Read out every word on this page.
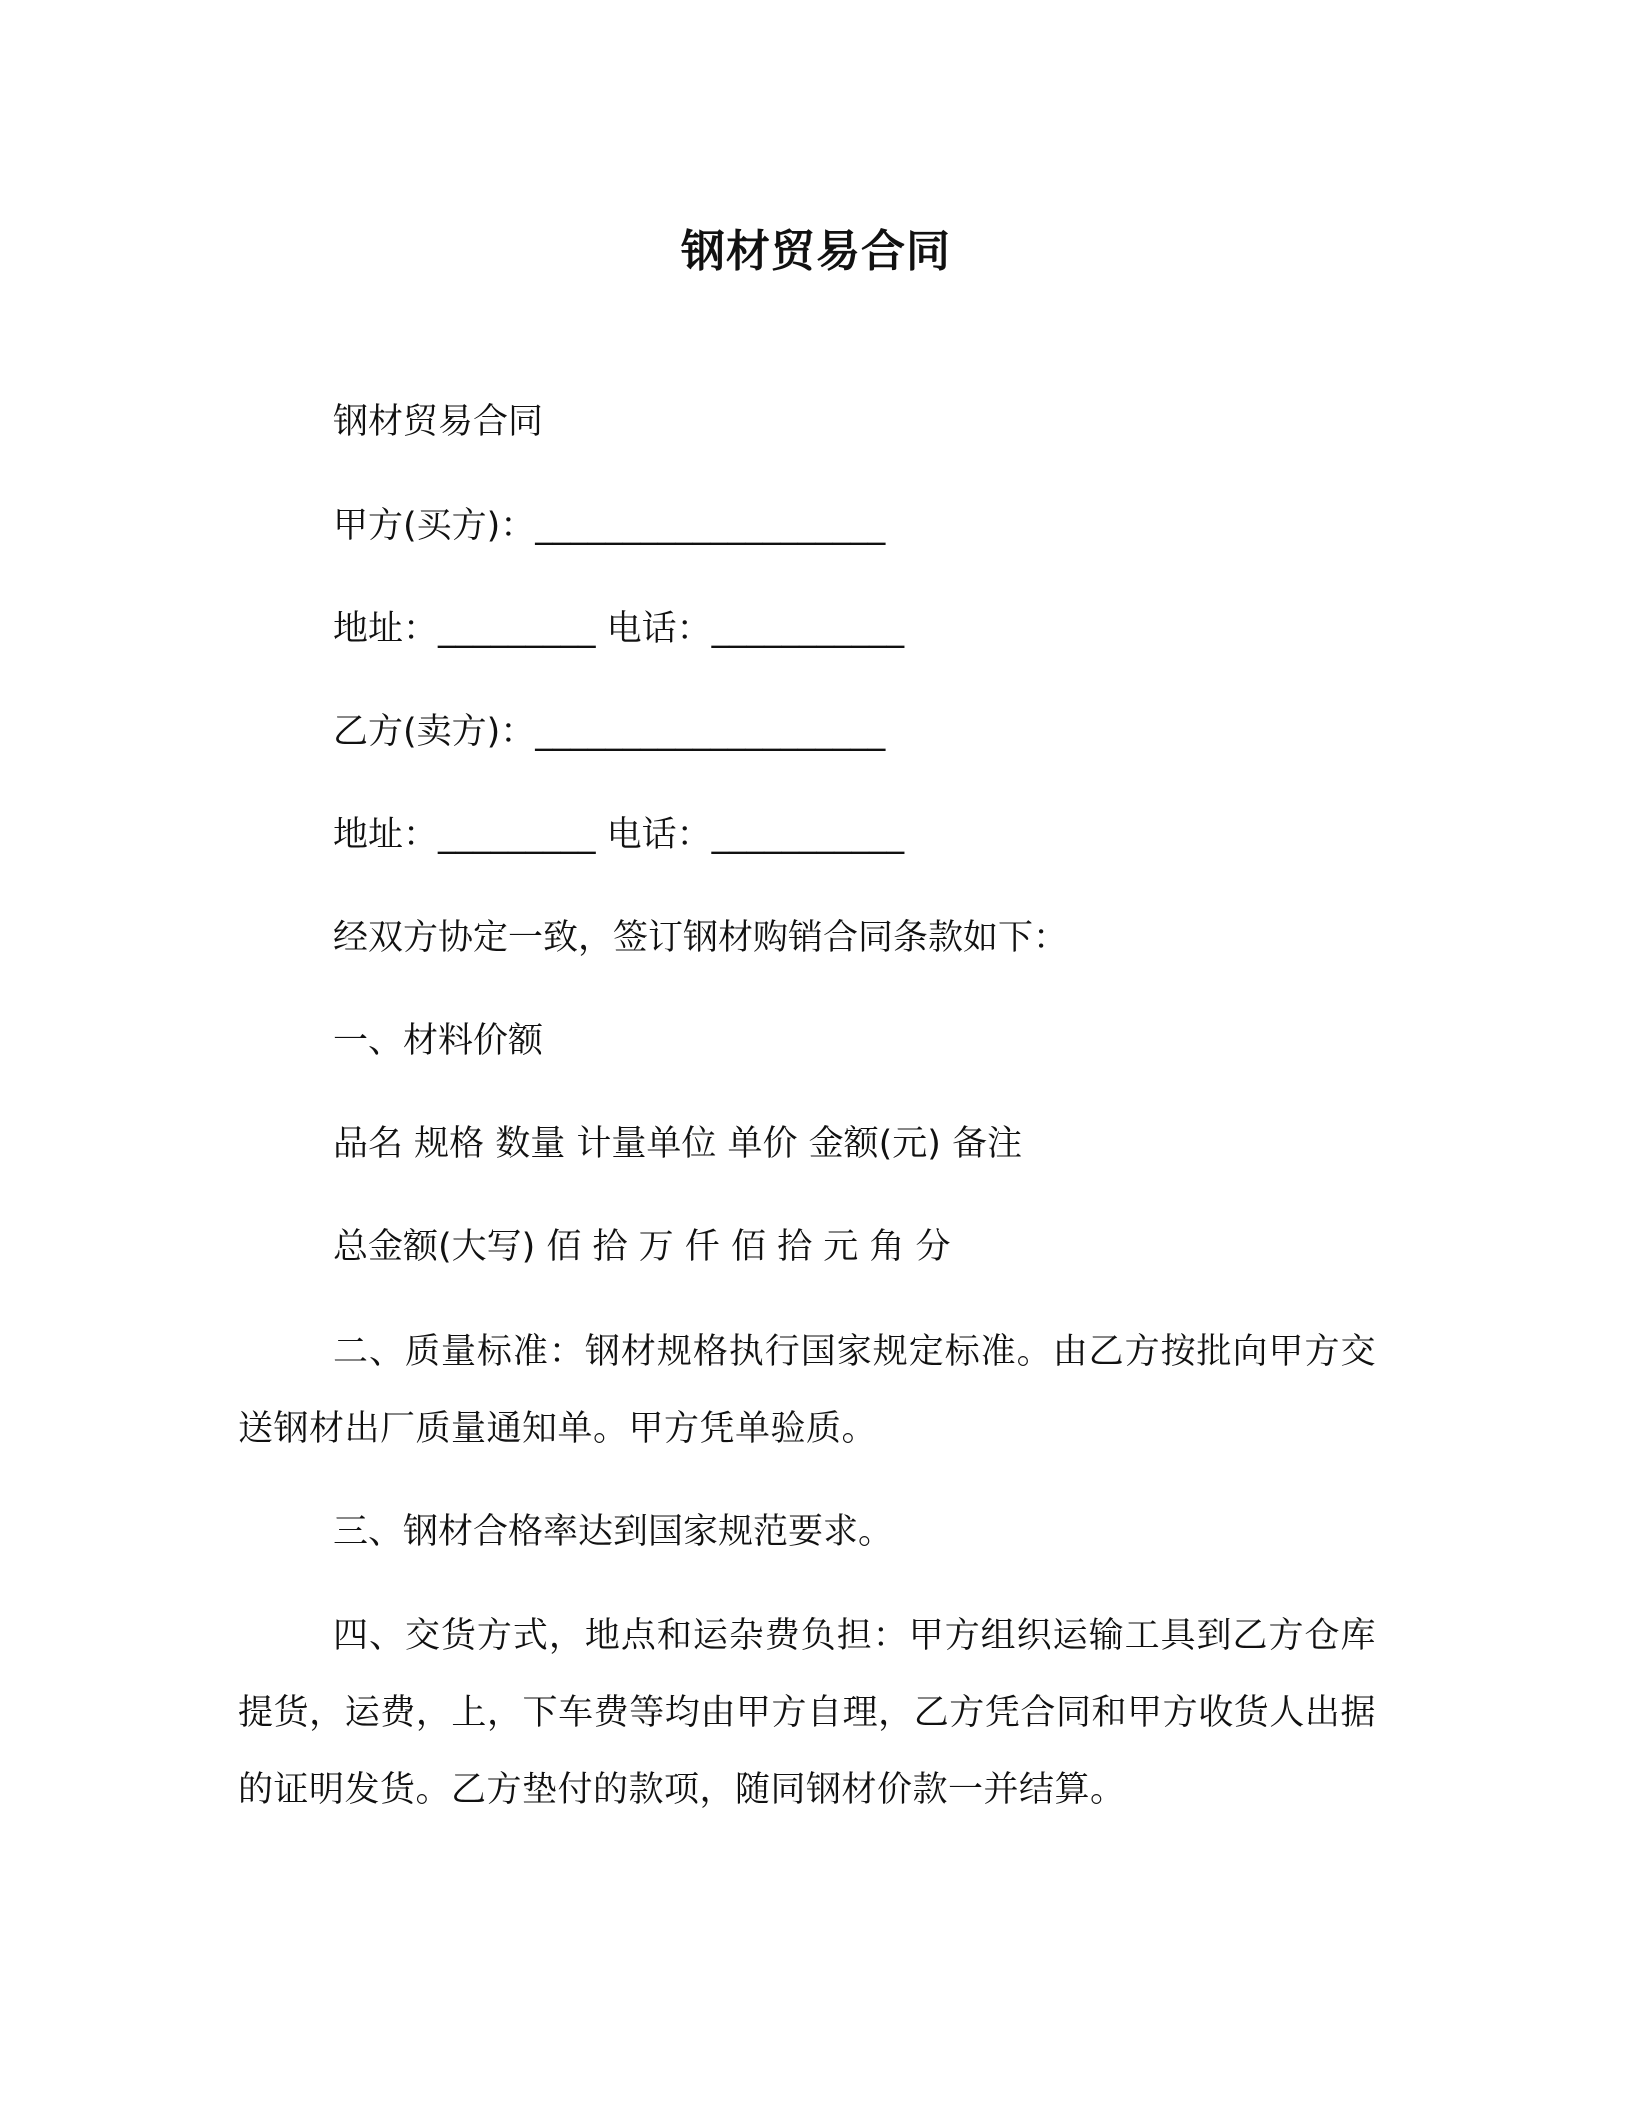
钢材贸易合同
钢材贸易合同
甲方(买方)：____________________
地址：_________ 电话：___________
乙方(卖方)：____________________
地址：_________ 电话：___________
经双方协定一致，签订钢材购销合同条款如下：
一、材料价额
品名 规格 数量 计量单位 单价 金额(元) 备注
总金额(大写) 佰 拾 万 仟 佰 拾 元 角 分
二、质量标准：钢材规格执行国家规定标准。由乙方按批向甲方交送钢材出厂质量通知单。甲方凭单验质。
三、钢材合格率达到国家规范要求。
四、交货方式，地点和运杂费负担：甲方组织运输工具到乙方仓库提货，运费，上，下车费等均由甲方自理，乙方凭合同和甲方收货人出据的证明发货。乙方垫付的款项，随同钢材价款一并结算。
